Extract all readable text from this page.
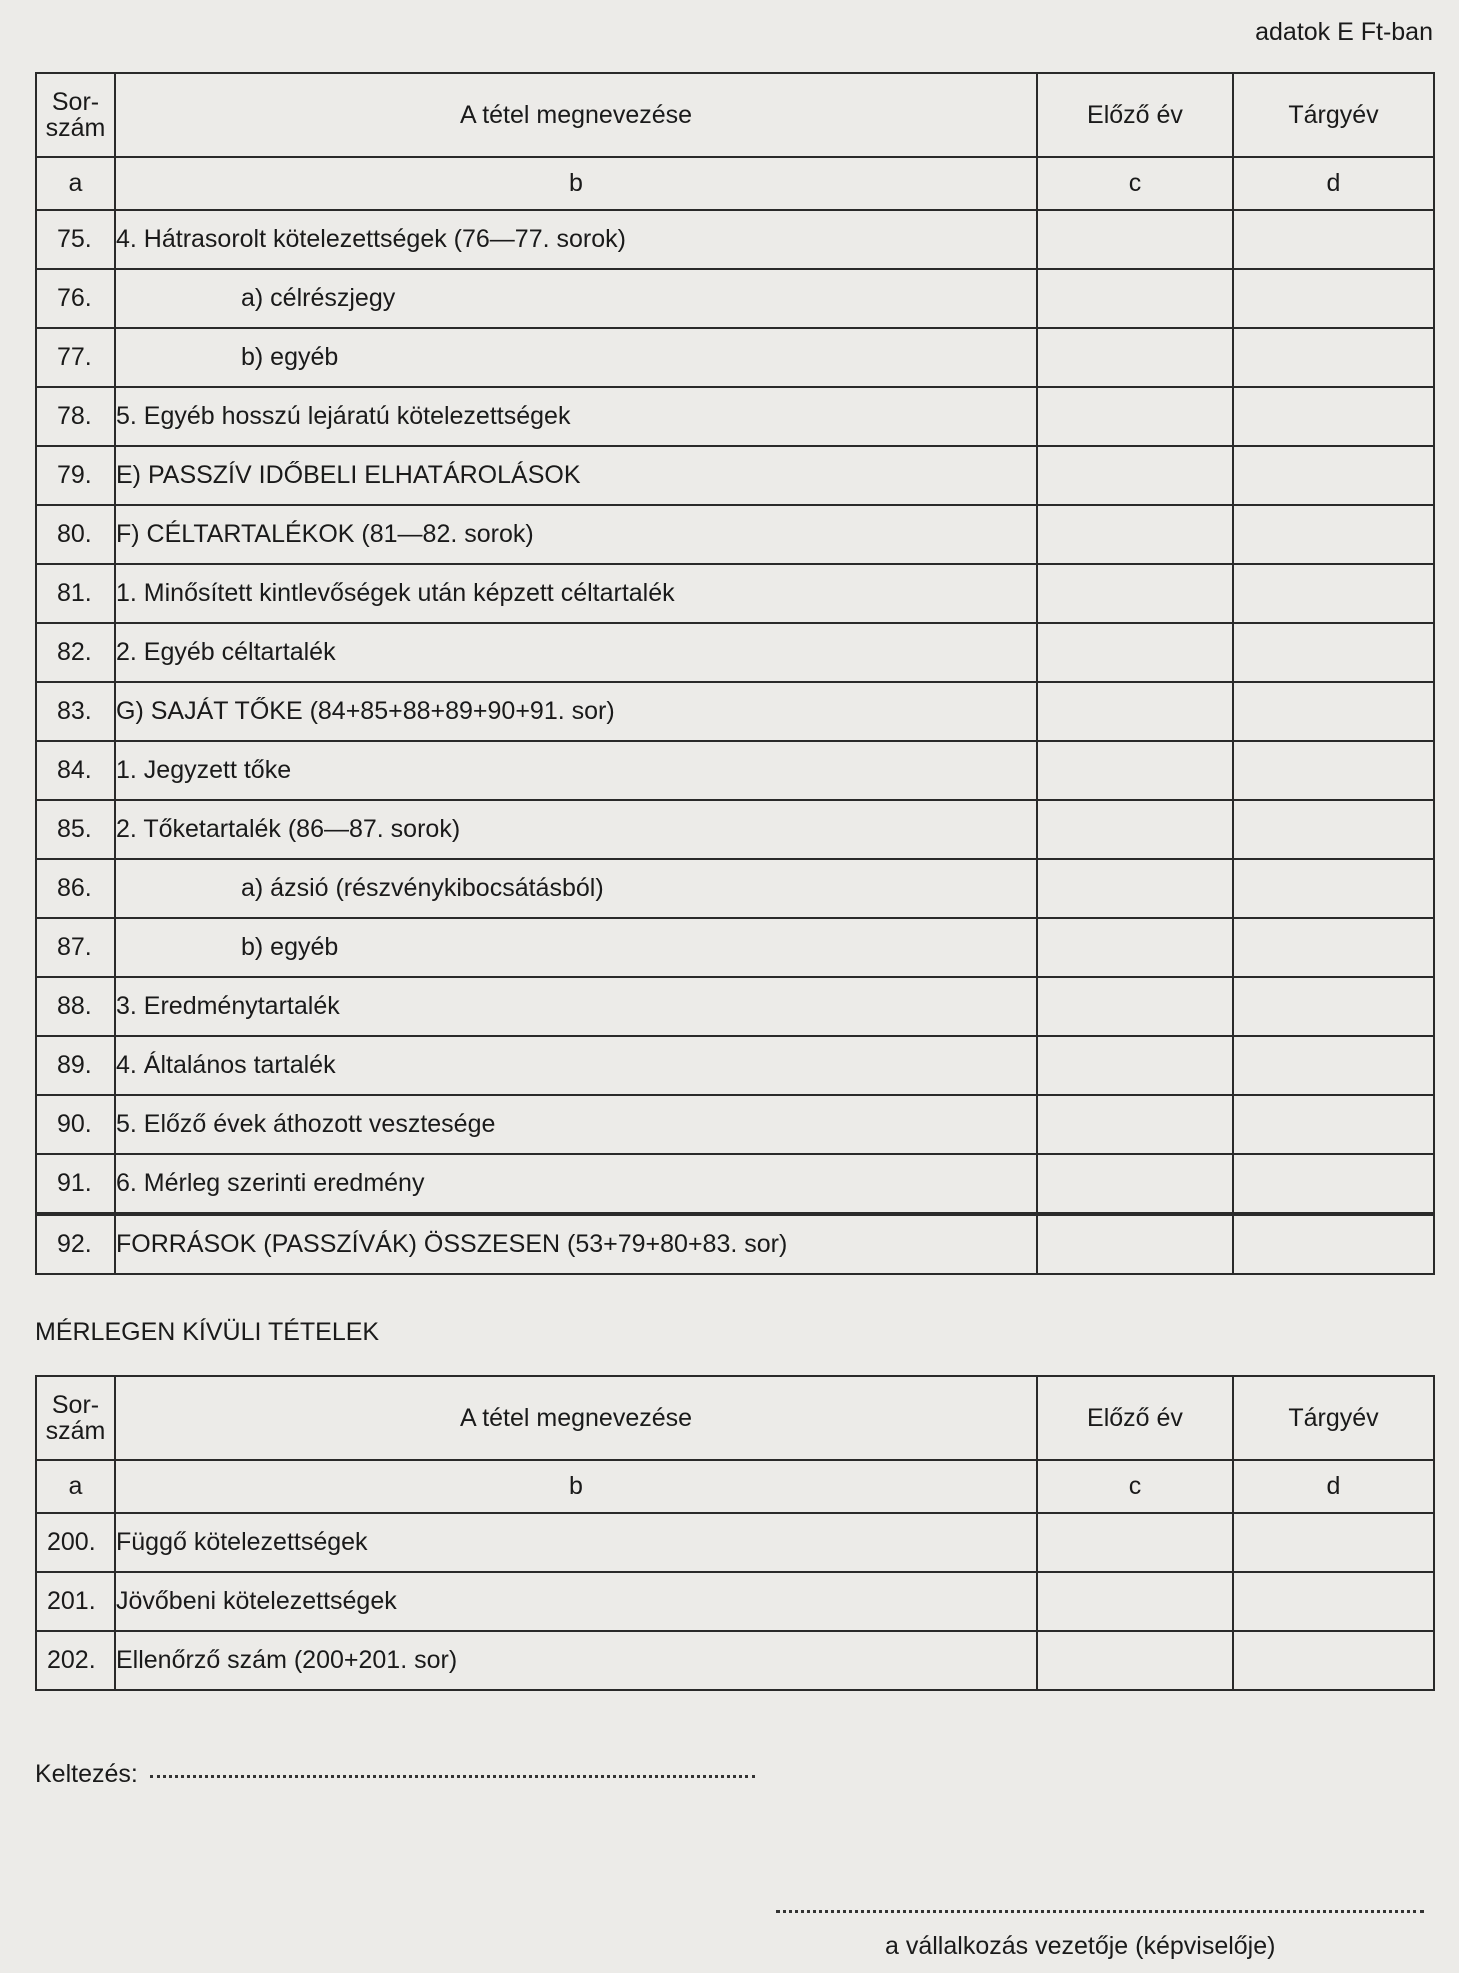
adatok E Ft-ban
Sor-
szám	A tétel megnevezése	Előző év	Tárgyév
a	b	c	d
75.	4. Hátrasorolt kötelezettségek (76—77. sorok)		
76.	a) célrészjegy		
77.	b) egyéb		
78.	5. Egyéb hosszú lejáratú kötelezettségek		
79.	E) PASSZÍV IDŐBELI ELHATÁROLÁSOK		
80.	F) CÉLTARTALÉKOK (81—82. sorok)		
81.	1. Minősített kintlevőségek után képzett céltartalék		
82.	2. Egyéb céltartalék		
83.	G) SAJÁT TŐKE (84+85+88+89+90+91. sor)		
84.	1. Jegyzett tőke		
85.	2. Tőketartalék (86—87. sorok)		
86.	a) ázsió (részvénykibocsátásból)		
87.	b) egyéb		
88.	3. Eredménytartalék		
89.	4. Általános tartalék		
90.	5. Előző évek áthozott vesztesége		
91.	6. Mérleg szerinti eredmény		
92.	FORRÁSOK (PASSZÍVÁK) ÖSSZESEN (53+79+80+83. sor)		
MÉRLEGEN KÍVÜLI TÉTELEK
Sor-
szám	A tétel megnevezése	Előző év	Tárgyév
a	b	c	d
200.	Függő kötelezettségek		
201.	Jövőbeni kötelezettségek		
202.	Ellenőrző szám (200+201. sor)		
Keltezés:
a vállalkozás vezetője (képviselője)
